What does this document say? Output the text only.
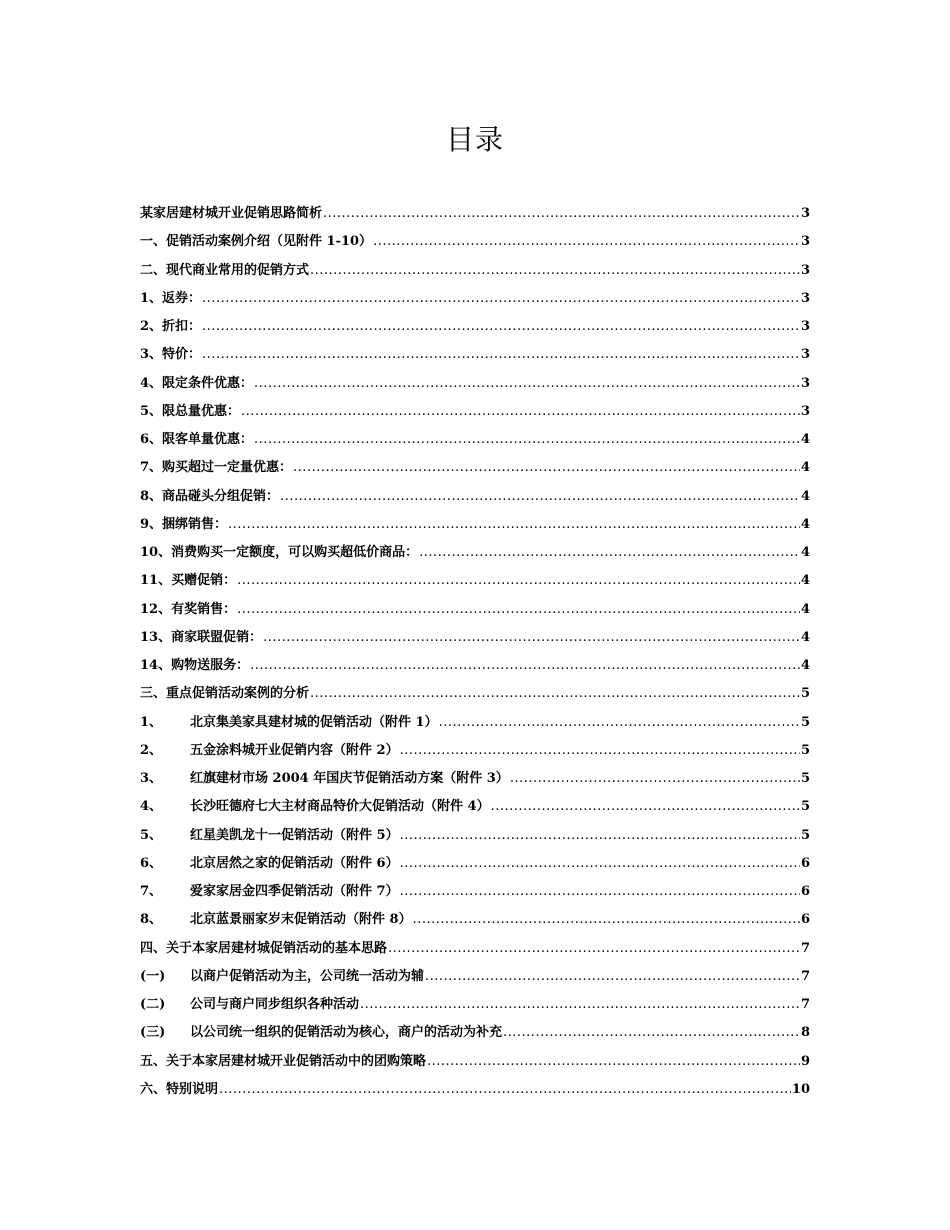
目录
某家居建材城开业促销思路简析 .....	3
一、促销活动案例介绍（见附件 1-10） .....	3
二、现代商业常用的促销方式 .....	3
1、返券： .....	3
2、折扣： .....	3
3、特价： .....	3
4、限定条件优惠： .....	3
5、限总量优惠： .....	3
6、限客单量优惠： .....	4
7、购买超过一定量优惠： .....	4
8、商品碰头分组促销： .....	4
9、捆绑销售： .....	4
10、消费购买一定额度，可以购买超低价商品： .....	4
11、买赠促销： .....	4
12、有奖销售： .....	4
13、商家联盟促销： .....	4
14、购物送服务： .....	4
三、重点促销活动案例的分析 .....	5
1、	北京集美家具建材城的促销活动（附件 1） .....	5
2、	五金涂料城开业促销内容（附件 2） .....	5
3、	红旗建材市场 2004 年国庆节促销活动方案（附件 3） .....	5
4、	长沙旺德府七大主材商品特价大促销活动（附件 4） .....	5
5、	红星美凯龙十一促销活动（附件 5） .....	5
6、	北京居然之家的促销活动（附件 6） .....	6
7、	爱家家居金四季促销活动（附件 7） .....	6
8、	北京蓝景丽家岁末促销活动（附件 8） .....	6
四、关于本家居建材城促销活动的基本思路 .....	7
(一)	以商户促销活动为主，公司统一活动为辅 .....	7
(二)	公司与商户同步组织各种活动 .....	7
(三)	以公司统一组织的促销活动为核心，商户的活动为补充 .....	8
五、关于本家居建材城开业促销活动中的团购策略 .....	9
六、特别说明 .....	10
